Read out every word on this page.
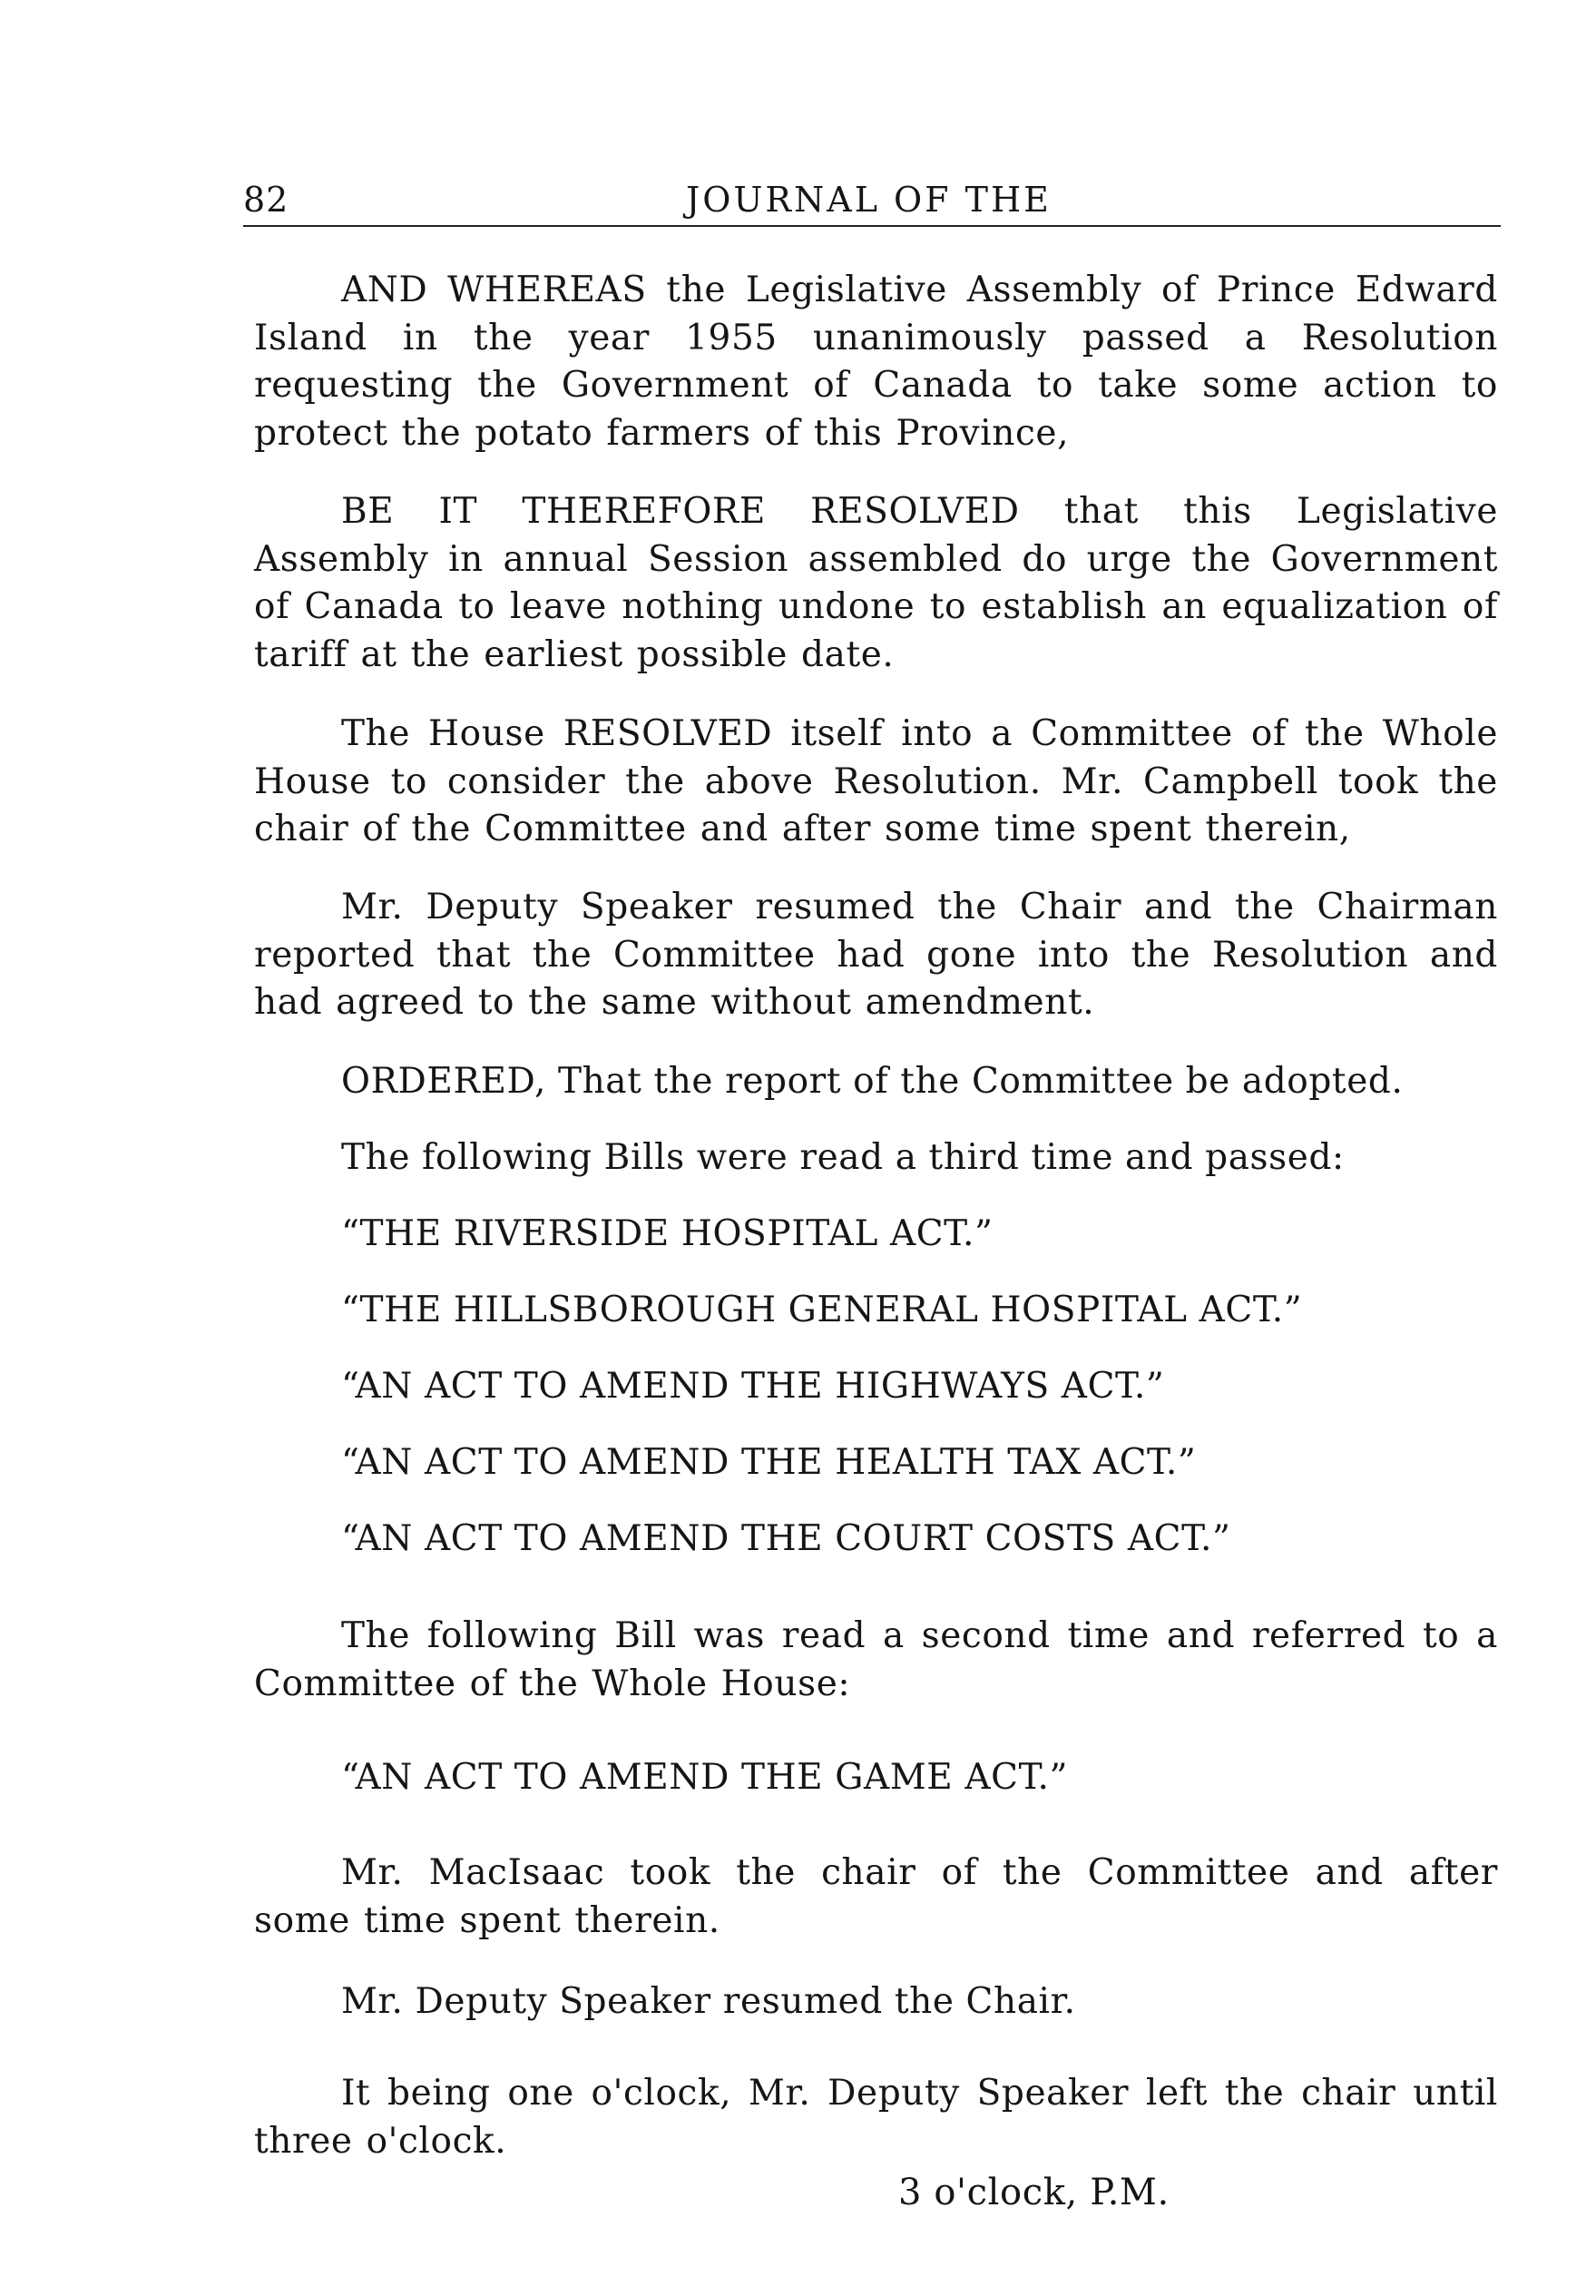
82	JOURNAL OF THE

AND WHEREAS the Legislative Assembly of Prince Edward Island in the year 1955 unanimously passed a Resolution requesting the Government of Canada to take some action to protect the potato farmers of this Province,

BE IT THEREFORE RESOLVED that this Legislative Assembly in annual Session assembled do urge the Government of Canada to leave nothing undone to establish an equalization of tariff at the earliest possible date.

The House RESOLVED itself into a Committee of the Whole House to consider the above Resolution. Mr. Campbell took the chair of the Committee and after some time spent therein,

Mr. Deputy Speaker resumed the Chair and the Chairman reported that the Committee had gone into the Resolution and had agreed to the same without amendment.

ORDERED, That the report of the Committee be adopted.

The following Bills were read a third time and passed:

“THE RIVERSIDE HOSPITAL ACT.”

“THE HILLSBOROUGH GENERAL HOSPITAL ACT.”

“AN ACT TO AMEND THE HIGHWAYS ACT.”

“AN ACT TO AMEND THE HEALTH TAX ACT.”

“AN ACT TO AMEND THE COURT COSTS ACT.”

The following Bill was read a second time and referred to a Committee of the Whole House:

“AN ACT TO AMEND THE GAME ACT.”

Mr. MacIsaac took the chair of the Committee and after some time spent therein.

Mr. Deputy Speaker resumed the Chair.

It being one o'clock, Mr. Deputy Speaker left the chair until three o'clock.

3 o'clock, P.M.
